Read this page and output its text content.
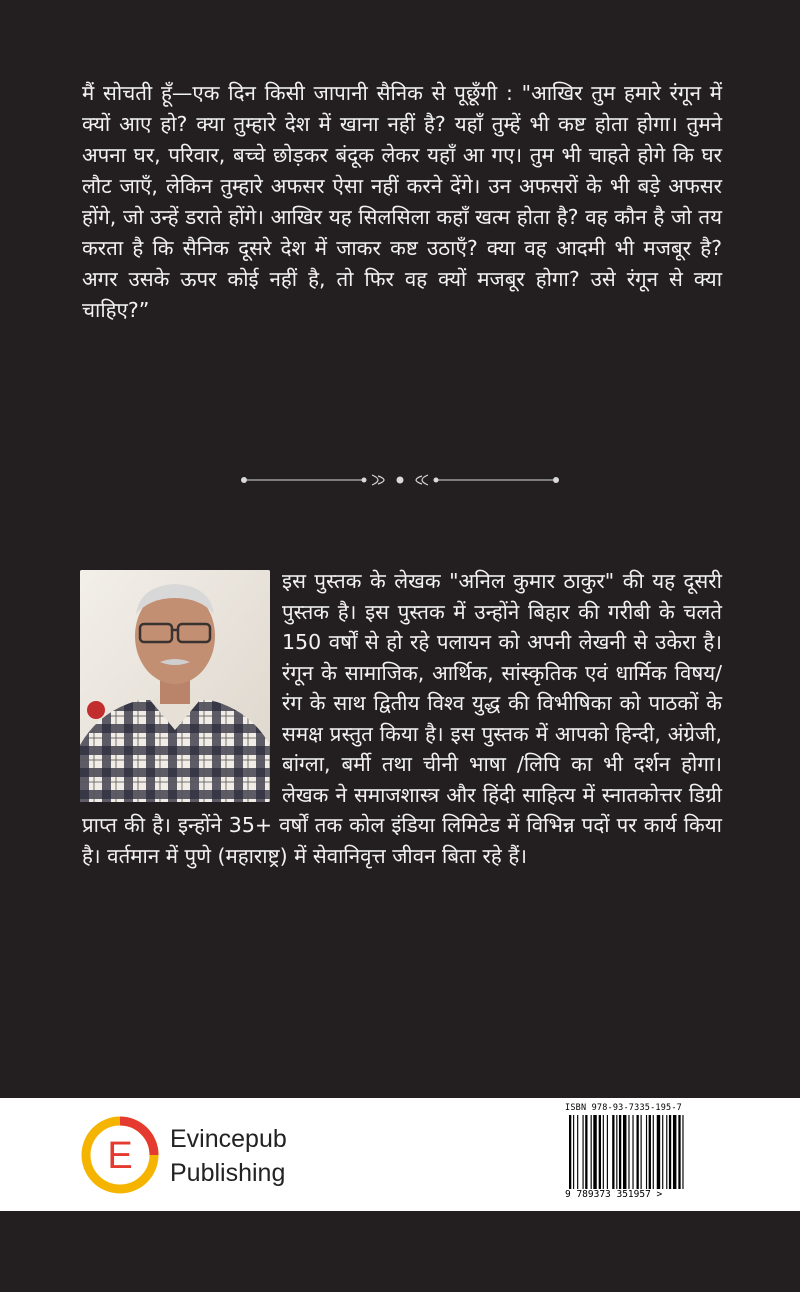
मैं सोचती हूँ—एक दिन किसी जापानी सैनिक से पूछूँगी : "आखिर तुम हमारे रंगून में क्यों आए हो? क्या तुम्हारे देश में खाना नहीं है? यहाँ तुम्हें भी कष्ट होता होगा। तुमने अपना घर, परिवार, बच्चे छोड़कर बंदूक लेकर यहाँ आ गए। तुम भी चाहते होगे कि घर लौट जाएँ, लेकिन तुम्हारे अफसर ऐसा नहीं करने देंगे। उन अफसरों के भी बड़े अफसर होंगे, जो उन्हें डराते होंगे। आखिर यह सिलसिला कहाँ खत्म होता है? वह कौन है जो तय करता है कि सैनिक दूसरे देश में जाकर कष्ट उठाएँ? क्या वह आदमी भी मजबूर है? अगर उसके ऊपर कोई नहीं है, तो फिर वह क्यों मजबूर होगा? उसे रंगून से क्या चाहिए?”

इस पुस्तक के लेखक "अनिल कुमार ठाकुर" की यह दूसरी पुस्तक है। इस पुस्तक में उन्होंने बिहार की गरीबी के चलते 150 वर्षों से हो रहे पलायन को अपनी लेखनी से उकेरा है। रंगून के सामाजिक, आर्थिक, सांस्कृतिक एवं धार्मिक विषय/रंग के साथ द्वितीय विश्व युद्ध की विभीषिका को पाठकों के समक्ष प्रस्तुत किया है। इस पुस्तक में आपको हिन्दी, अंग्रेजी, बांग्ला, बर्मी तथा चीनी भाषा /लिपि का भी दर्शन होगा। लेखक ने समाजशास्त्र और हिंदी साहित्य में स्नातकोत्तर डिग्री प्राप्त की है। इन्होंने 35+ वर्षों तक कोल इंडिया लिमिटेड में विभिन्न पदों पर कार्य किया है। वर्तमान में पुणे (महाराष्ट्र) में सेवानिवृत्त जीवन बिता रहे हैं।

E Evincepub
Publishing
ISBN 978-93-7335-195-7
9 789373 351957 >
